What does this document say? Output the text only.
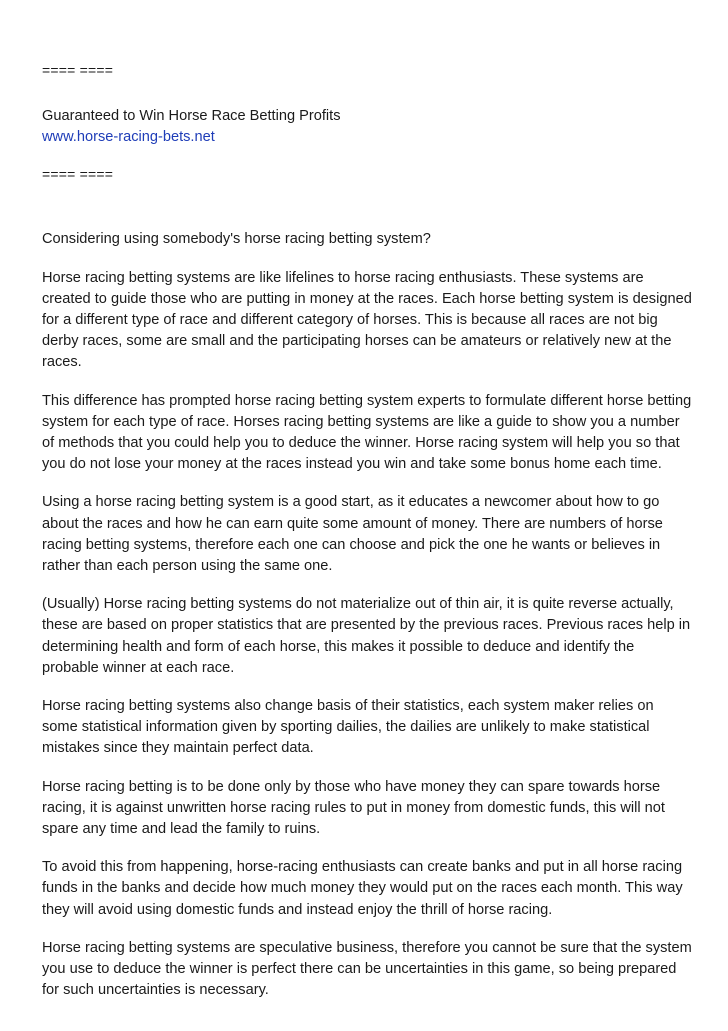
==== ====
Guaranteed to Win Horse Race Betting Profits
www.horse-racing-bets.net
==== ====

Considering using somebody's horse racing betting system?

Horse racing betting systems are like lifelines to horse racing enthusiasts. These systems are created to guide those who are putting in money at the races. Each horse betting system is designed for a different type of race and different category of horses. This is because all races are not big derby races, some are small and the participating horses can be amateurs or relatively new at the races.

This difference has prompted horse racing betting system experts to formulate different horse betting system for each type of race. Horses racing betting systems are like a guide to show you a number of methods that you could help you to deduce the winner. Horse racing system will help you so that you do not lose your money at the races instead you win and take some bonus home each time.

Using a horse racing betting system is a good start, as it educates a newcomer about how to go about the races and how he can earn quite some amount of money. There are numbers of horse racing betting systems, therefore each one can choose and pick the one he wants or believes in rather than each person using the same one.

(Usually) Horse racing betting systems do not materialize out of thin air, it is quite reverse actually, these are based on proper statistics that are presented by the previous races. Previous races help in determining health and form of each horse, this makes it possible to deduce and identify the probable winner at each race.

Horse racing betting systems also change basis of their statistics, each system maker relies on some statistical information given by sporting dailies, the dailies are unlikely to make statistical mistakes since they maintain perfect data.

Horse racing betting is to be done only by those who have money they can spare towards horse racing, it is against unwritten horse racing rules to put in money from domestic funds, this will not spare any time and lead the family to ruins.

To avoid this from happening, horse-racing enthusiasts can create banks and put in all horse racing funds in the banks and decide how much money they would put on the races each month. This way they will avoid using domestic funds and instead enjoy the thrill of horse racing.

Horse racing betting systems are speculative business, therefore you cannot be sure that the system you use to deduce the winner is perfect there can be uncertainties in this game, so being prepared for such uncertainties is necessary.
